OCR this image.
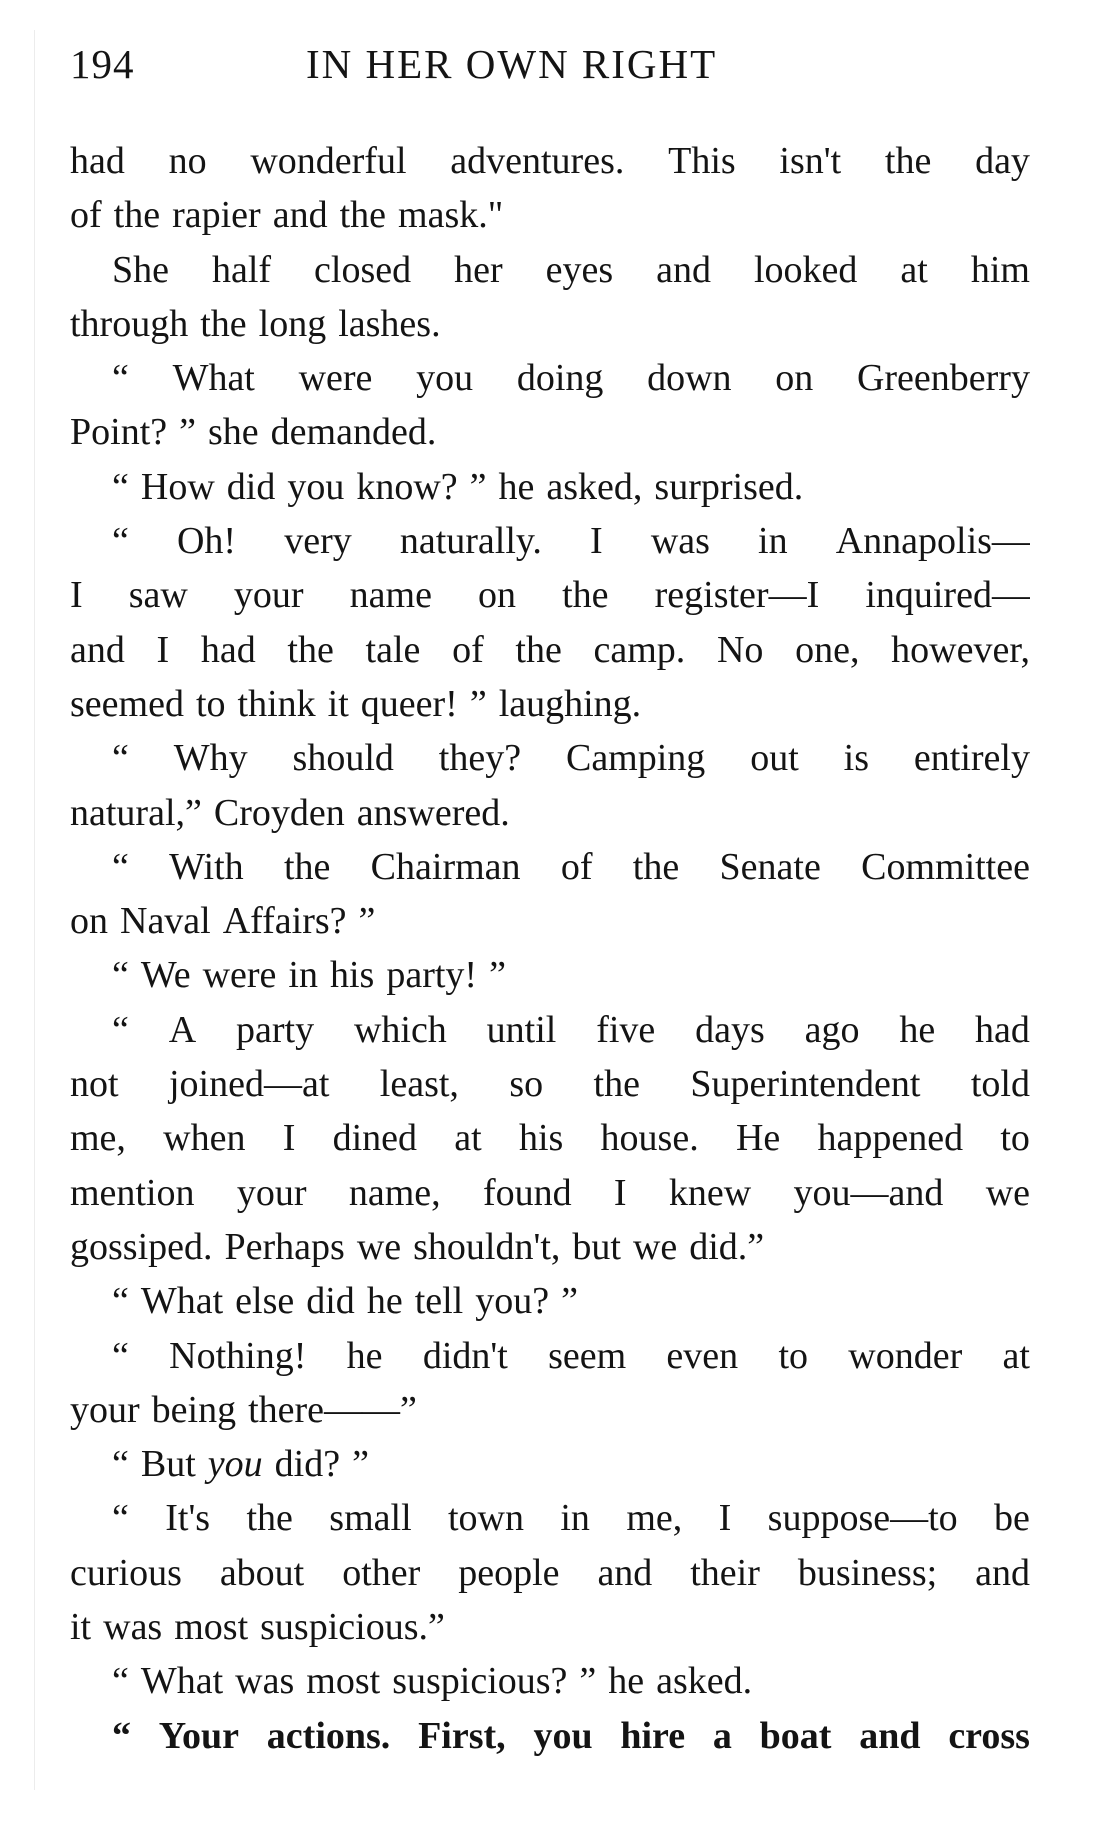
194	IN HER OWN RIGHT
had no wonderful adventures. This isn't the day
of the rapier and the mask."
She half closed her eyes and looked at him
through the long lashes.
“ What were you doing down on Greenberry
Point? ” she demanded.
“ How did you know? ” he asked, surprised.
“ Oh! very naturally. I was in Annapolis—
I saw your name on the register—I inquired—
and I had the tale of the camp. No one, however,
seemed to think it queer! ” laughing.
“ Why should they? Camping out is entirely
natural,” Croyden answered.
“ With the Chairman of the Senate Committee
on Naval Affairs? ”
“ We were in his party! ”
“ A party which until five days ago he had
not joined—at least, so the Superintendent told
me, when I dined at his house. He happened to
mention your name, found I knew you—and we
gossiped. Perhaps we shouldn't, but we did.”
“ What else did he tell you? ”
“ Nothing! he didn't seem even to wonder at
your being there——”
“ But you did? ”
“ It's the small town in me, I suppose—to be
curious about other people and their business; and
it was most suspicious.”
“ What was most suspicious? ” he asked.
“ Your actions. First, you hire a boat and cross
